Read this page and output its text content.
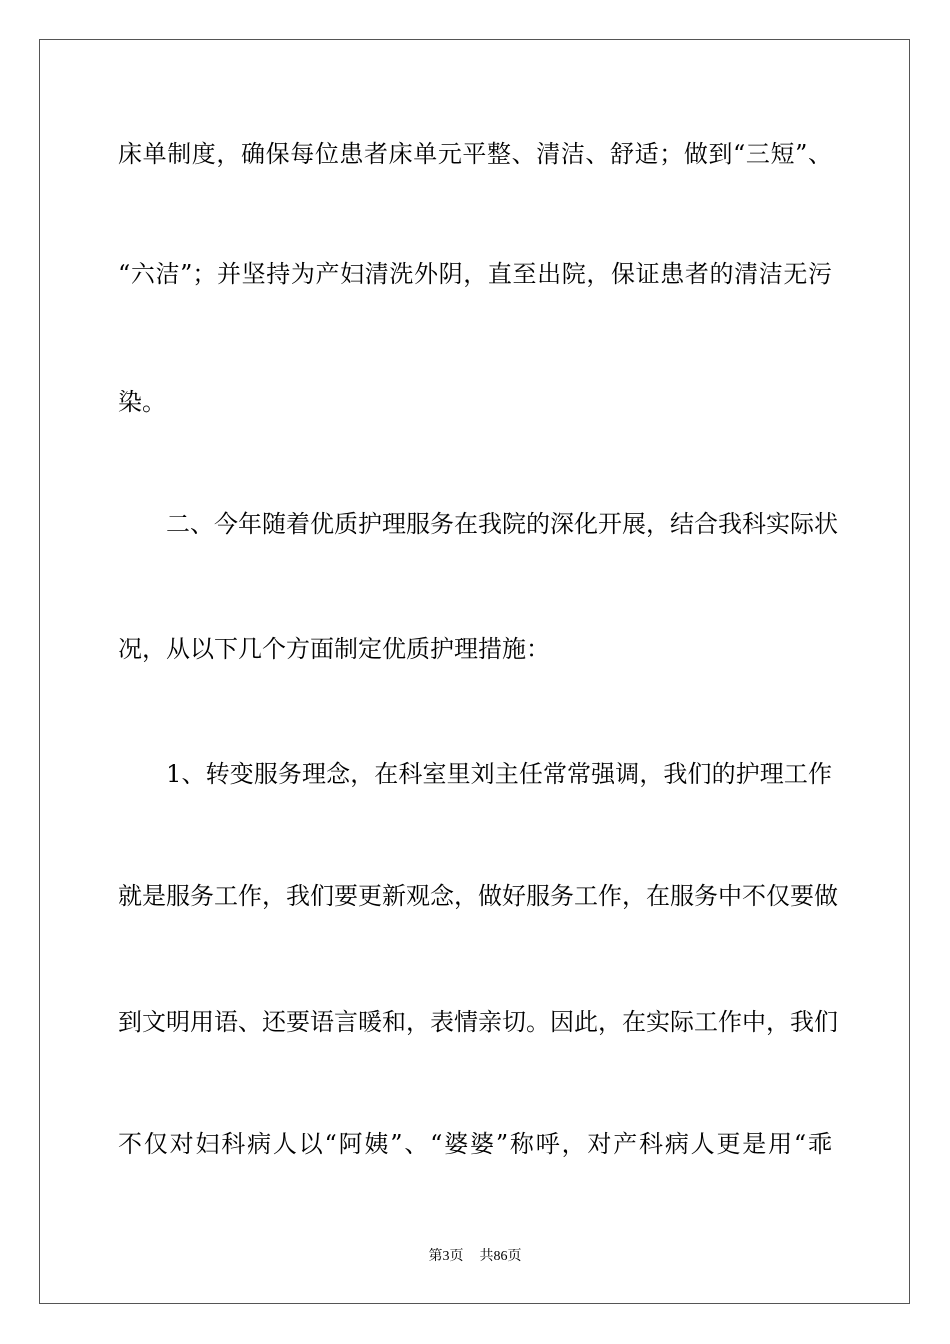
床单制度，确保每位患者床单元平整、清洁、舒适；做到“三短”、
“六洁”；并坚持为产妇清洗外阴，直至出院，保证患者的清洁无污
染。
　　二、今年随着优质护理服务在我院的深化开展，结合我科实际状
况，从以下几个方面制定优质护理措施：
　　1、转变服务理念，在科室里刘主任常常强调，我们的护理工作
就是服务工作，我们要更新观念，做好服务工作，在服务中不仅要做
到文明用语、还要语言暖和，表情亲切。因此，在实际工作中，我们
不仅对妇科病人以“阿姨”、“婆婆”称呼，对产科病人更是用“乖
第3页 共86页
